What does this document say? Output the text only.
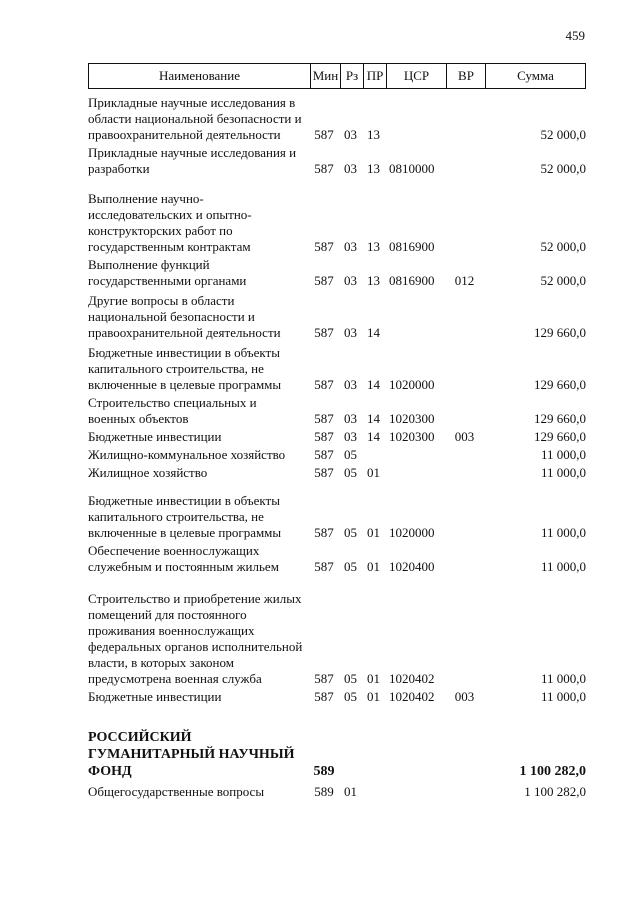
459
Наименование	Мин Рз ПР	ЦСР	ВР	Сумма
Прикладные научные исследования в области национальной безопасности и правоохранительной деятельности	587 03 13	52 000,0
Прикладные научные исследования и разработки	587 03 13 0810000	52 000,0
Выполнение научно-исследовательских и опытно-конструкторских работ по государственным контрактам	587 03 13 0816900	52 000,0
Выполнение функций государственными органами	587 03 13 0816900	012	52 000,0
Другие вопросы в области национальной безопасности и правоохранительной деятельности	587 03 14	129 660,0
Бюджетные инвестиции в объекты капитального строительства, не включенные в целевые программы	587 03 14 1020000	129 660,0
Строительство специальных и военных объектов	587 03 14 1020300	129 660,0
Бюджетные инвестиции	587 03 14 1020300	003	129 660,0
Жилищно-коммунальное хозяйство	587 05	11 000,0
Жилищное хозяйство	587 05 01	11 000,0
Бюджетные инвестиции в объекты капитального строительства, не включенные в целевые программы	587 05 01 1020000	11 000,0
Обеспечение военнослужащих служебным и постоянным жильем	587 05 01 1020400	11 000,0
Строительство и приобретение жилых помещений для постоянного проживания военнослужащих федеральных органов исполнительной власти, в которых законом предусмотрена военная служба	587 05 01 1020402	11 000,0
Бюджетные инвестиции	587 05 01 1020402	003	11 000,0
РОССИЙСКИЙ ГУМАНИТАРНЫЙ НАУЧНЫЙ ФОНД	589	1 100 282,0
Общегосударственные вопросы	589 01	1 100 282,0
